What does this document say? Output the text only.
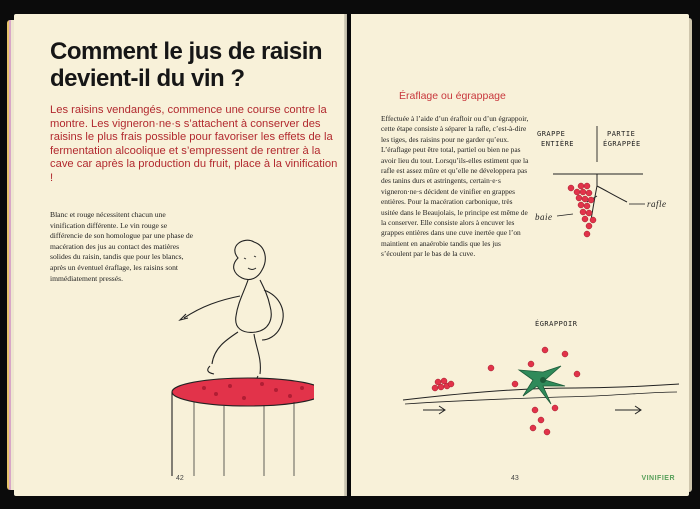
Comment le jus de raisin devient-il du vin ?

Les raisins vendangés, commence une course contre la montre. Les vigneron·ne·s s’attachent à conserver des raisins le plus frais possible pour favoriser les effets de la fermentation alcoolique et s’empressent de rentrer à la cave car après la production du fruit, place à la vinification !

Blanc et rouge nécessitent chacun une vinification différente. Le vin rouge se différencie de son homologue par une phase de macération des jus au contact des matières solides du raisin, tandis que pour les blancs, après un éventuel éraflage, les raisins sont immédiatement pressés.

42
Éraflage ou égrappage

Effectuée à l’aide d’un érafloir ou d’un égrappoir, cette étape consiste à séparer la rafle, c’est-à-dire les tiges, des raisins pour ne garder qu’eux. L’éraflage peut être total, partiel ou bien ne pas avoir lieu du tout. Lorsqu’ils-elles estiment que la rafle est assez mûre et qu’elle ne développera pas des tanins durs et astringents, certain·e·s vigneron·ne·s décident de vinifier en grappes entières. Pour la macération carbonique, très usitée dans le Beaujolais, le principe est même de la conserver. Elle consiste alors à encuver les grappes entières dans une cuve inertée que l’on maintient en anaérobie tandis que les jus s’écoulent par le bas de la cuve.

GRAPPE
ENTIÈRE
PARTIE
ÉGRAPPÉE
rafle
baie
ÉGRAPPOIR
43	VINIFIER
